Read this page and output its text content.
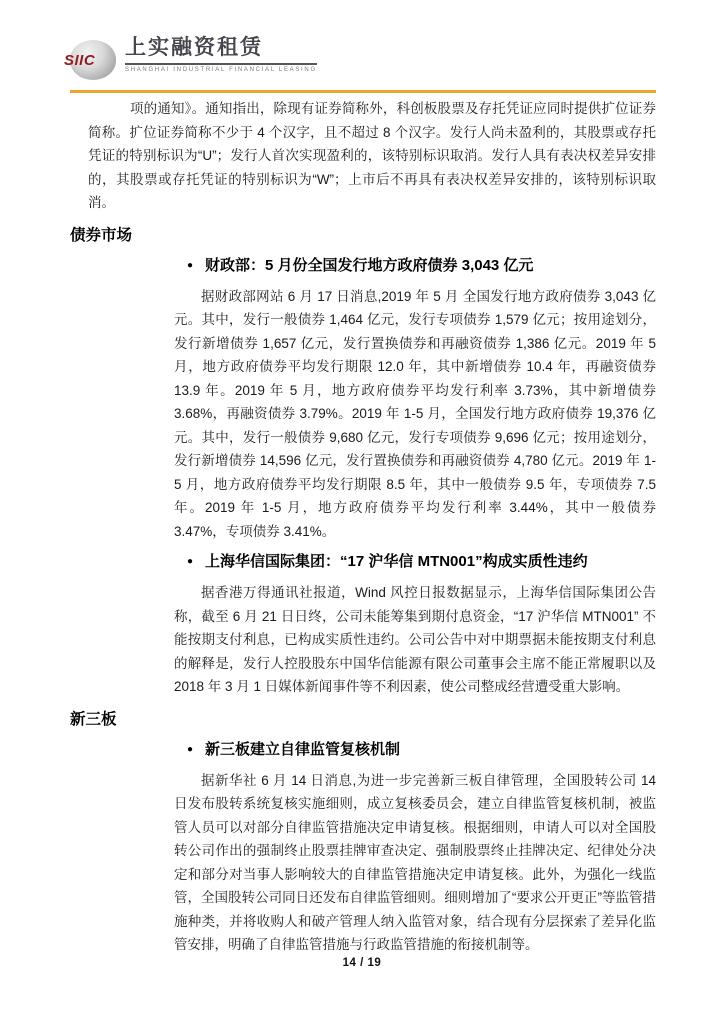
SIIC
上实融资租赁
SHANGHAI INDUSTRIAL FINANCIAL LEASING

项的通知》。通知指出，除现有证券简称外，科创板股票及存托凭证应同时提供扩位证券简称。扩位证券简称不少于 4 个汉字，且不超过 8 个汉字。发行人尚未盈利的，其股票或存托凭证的特别标识为“U”；发行人首次实现盈利的，该特别标识取消。发行人具有表决权差异安排的，其股票或存托凭证的特别标识为“W”；上市后不再具有表决权差异安排的，该特别标识取消。

债券市场
● 财政部：5 月份全国发行地方政府债券 3,043 亿元

据财政部网站 6 月 17 日消息,2019 年 5 月 全国发行地方政府债券 3,043 亿元。其中，发行一般债券 1,464 亿元，发行专项债券 1,579 亿元；按用途划分，发行新增债券 1,657 亿元，发行置换债券和再融资债券 1,386 亿元。2019 年 5 月，地方政府债券平均发行期限 12.0 年，其中新增债券 10.4 年，再融资债券 13.9 年。2019 年 5 月，地方政府债券平均发行利率 3.73%，其中新增债券 3.68%，再融资债券 3.79%。2019 年 1-5 月，全国发行地方政府债券 19,376 亿元。其中，发行一般债券 9,680 亿元，发行专项债券 9,696 亿元；按用途划分，发行新增债券 14,596 亿元，发行置换债券和再融资债券 4,780 亿元。2019 年 1-5 月，地方政府债券平均发行期限 8.5 年，其中一般债券 9.5 年，专项债券 7.5 年。2019 年 1-5 月，地方政府债券平均发行利率 3.44%，其中一般债券 3.47%，专项债券 3.41%。

● 上海华信国际集团：“17 沪华信 MTN001”构成实质性违约

据香港万得通讯社报道，Wind 风控日报数据显示，上海华信国际集团公告称，截至 6 月 21 日日终，公司未能筹集到期付息资金，“17 沪华信 MTN001” 不能按期支付利息，已构成实质性违约。公司公告中对中期票据未能按期支付利息的解释是，发行人控股股东中国华信能源有限公司董事会主席不能正常履职以及 2018 年 3 月 1 日媒体新闻事件等不利因素，使公司整成经营遭受重大影响。

新三板
● 新三板建立自律监管复核机制

据新华社 6 月 14 日消息,为进一步完善新三板自律管理，全国股转公司 14 日发布股转系统复核实施细则，成立复核委员会，建立自律监管复核机制，被监管人员可以对部分自律监管措施决定申请复核。根据细则，申请人可以对全国股转公司作出的强制终止股票挂牌审查决定、强制股票终止挂牌决定、纪律处分决定和部分对当事人影响较大的自律监管措施决定申请复核。此外，为强化一线监管，全国股转公司同日还发布自律监管细则。细则增加了“要求公开更正”等监管措施种类，并将收购人和破产管理人纳入监管对象，结合现有分层探索了差异化监管安排，明确了自律监管措施与行政监管措施的衔接机制等。

14 / 19
